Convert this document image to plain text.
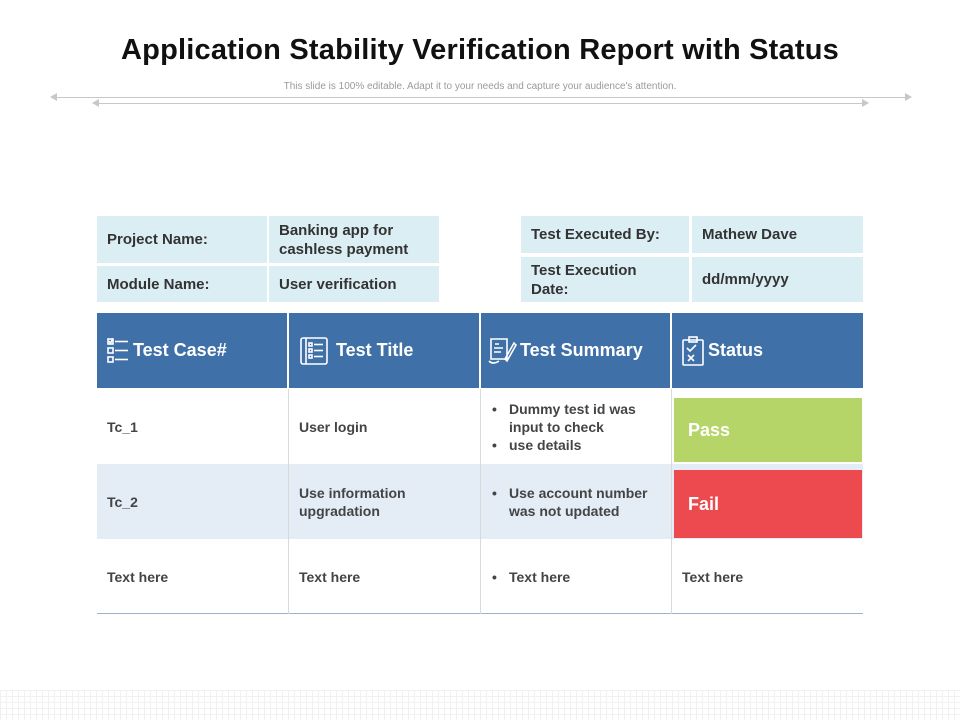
Application Stability Verification Report with Status
This slide is 100% editable. Adapt it to your needs and capture your audience's attention.
Project Name:
Banking app for cashless payment
Module Name:	User verification
Test Executed By:	Mathew Dave
Test Execution Date:
dd/mm/yyyy
Test Case#	Test Title	Test Summary	Status
Tc_1	User login
• Dummy test id was input to check
• use details
Pass
Tc_2
Use information upgradation
• Use account number was not updated	Fail
Text here	Text here
•	Text here	Text here
